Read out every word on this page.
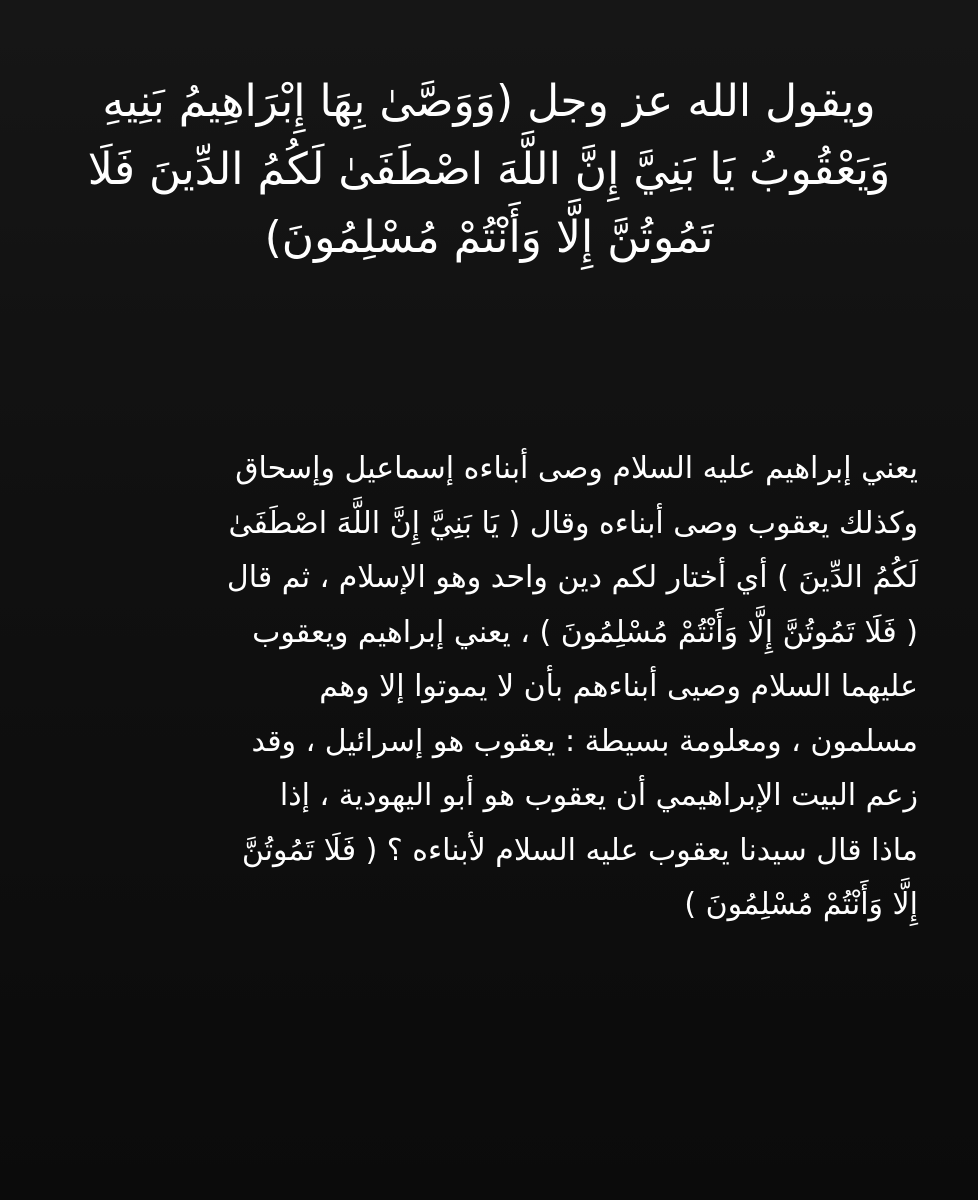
ويقول الله عز وجل (وَوَصَّىٰ بِهَا إِبْرَاهِيمُ بَنِيهِ
وَيَعْقُوبُ يَا بَنِيَّ إِنَّ اللَّهَ اصْطَفَىٰ لَكُمُ الدِّينَ فَلَا
تَمُوتُنَّ إِلَّا وَأَنْتُمْ مُسْلِمُونَ)
يعني إبراهيم عليه السلام وصى أبناءه إسماعيل وإسحاق
وكذلك يعقوب وصى أبناءه وقال ( يَا بَنِيَّ إِنَّ اللَّهَ اصْطَفَىٰ
لَكُمُ الدِّينَ ) أي أختار لكم دين واحد وهو الإسلام ، ثم قال
( فَلَا تَمُوتُنَّ إِلَّا وَأَنْتُمْ مُسْلِمُونَ ) ، يعني إبراهيم ويعقوب
عليهما السلام وصيى أبناءهم بأن لا يموتوا إلا وهم
مسلمون ، ومعلومة بسيطة : يعقوب هو إسرائيل ، وقد
زعم البيت الإبراهيمي أن يعقوب هو أبو اليهودية ، إذا
ماذا قال سيدنا يعقوب عليه السلام لأبناءه ؟ ( فَلَا تَمُوتُنَّ
إِلَّا وَأَنْتُمْ مُسْلِمُونَ )
